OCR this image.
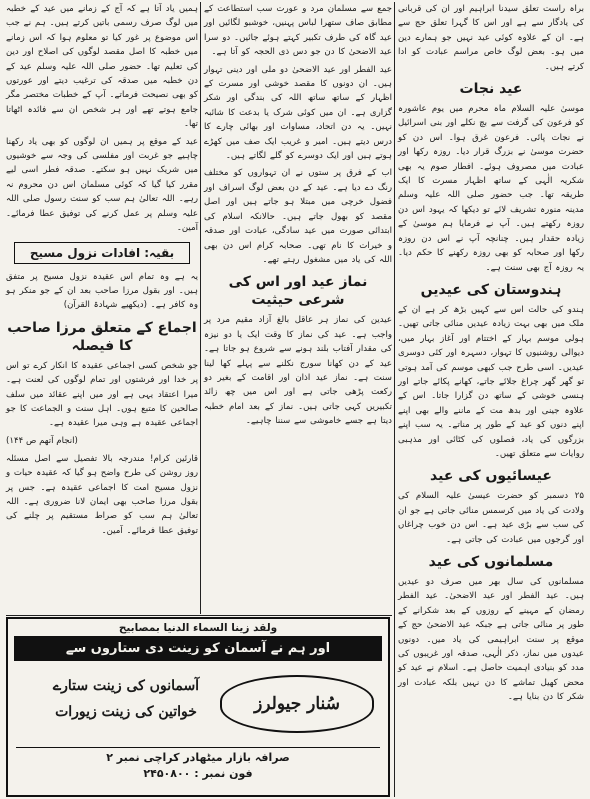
براہ راست تعلق سیدنا ابراہیم اور ان کی قربانی کی یادگار سے ہے اور اس کا گہرا تعلق حج سے ہے۔ ان کے علاوہ کوئی عید نہیں جو ہمارے دین میں ہو۔ بعض لوگ خاص مراسم عبادت کو ادا کرتے ہیں۔

عید نجات

موسیٰ علیہ السلام ماہ محرم میں یوم عاشورہ کو فرعون کی گرفت سے بچ نکلے اور بنی اسرائیل نے نجات پائی۔ فرعون غرق ہوا۔ اس دن کو حضرت موسیٰ نے بزرگ قرار دیا۔ روزہ رکھا اور عبادت میں مصروف ہوئے۔ افطار صوم یہ بھی شکریہ الٰہی کے ساتھ اظہار مسرت کا ایک طریقہ تھا۔ جب حضور صلی اللہ علیہ وسلم مدینہ منورہ تشریف لائے تو دیکھا کہ یہود اس دن روزہ رکھتے ہیں۔ آپ نے فرمایا ہم موسیٰ کے زیادہ حقدار ہیں۔ چنانچہ آپ نے اس دن روزہ رکھا اور صحابہ کو بھی روزہ رکھنے کا حکم دیا۔ یہ روزہ آج بھی سنت ہے۔

ہندوستان کی عیدیں

ہندو کی حالت اس سے کہیں بڑھ کر ہے ان کے ملک میں بھی بہت زیادہ عیدیں منائی جاتی تھیں۔ ہولی موسم بہار کے اختتام اور آغاز بہار میں، دیوالی روشنیوں کا تہوار، دسہرہ اور کئی دوسری عیدیں۔ اسی طرح جب کبھی موسم کی آمد ہوتی تو گھر گھر چراغ جلائے جاتے، کھانے پکائے جاتے اور ہنسی خوشی کے ساتھ دن گزارا جاتا۔ اس کے علاوہ جینی اور بدھ مت کے ماننے والے بھی اپنے اپنے دنوں کو عید کے طور پر مناتے۔ یہ سب اپنے بزرگوں کی یاد، فصلوں کی کٹائی اور مذہبی روایات سے متعلق تھیں۔

عیسائیوں کی عید

۲۵ دسمبر کو حضرت عیسیٰ علیہ السلام کی ولادت کی یاد میں کرسمس منائی جاتی ہے جو ان کی سب سے بڑی عید ہے۔ اس دن خوب چراغاں اور گرجوں میں عبادت کی جاتی ہے۔

مسلمانوں کی عید

مسلمانوں کی سال بھر میں صرف دو عیدیں ہیں۔ عید الفطر اور عید الاضحیٰ۔ عید الفطر رمضان کے مہینے کے روزوں کے بعد شکرانے کے طور پر منائی جاتی ہے جبکہ عید الاضحیٰ حج کے موقع پر سنت ابراہیمی کی یاد میں۔ دونوں عیدوں میں نماز، ذکر الٰہی، صدقہ اور غریبوں کی مدد کو بنیادی اہمیت حاصل ہے۔ اسلام نے عید کو محض کھیل تماشے کا دن نہیں بلکہ عبادت اور شکر کا دن بنایا ہے۔

جمع سے مسلمان مرد و عورت سب استطاعت کے مطابق صاف ستھرا لباس پہنیں، خوشبو لگائیں اور عید گاہ کی طرف تکبیر کہتے ہوئے جائیں۔ دو سرا عید الاضحیٰ کا دن جو دس ذی الحجہ کو آتا ہے۔

عید الفطر اور عید الاضحیٰ دو ملی اور دینی تہوار ہیں۔ ان دونوں کا مقصد خوشی اور مسرت کے اظہار کے ساتھ ساتھ اللہ کی بندگی اور شکر گزاری ہے۔ ان میں کوئی شرک یا بدعت کا شائبہ نہیں۔ یہ دن اتحاد، مساوات اور بھائی چارے کا درس دیتے ہیں۔ امیر و غریب ایک صف میں کھڑے ہوتے ہیں اور ایک دوسرے کو گلے لگاتے ہیں۔

اب کے فرق پر ستوں نے ان تہواروں کو مختلف رنگ دے دیا ہے۔ عید کے دن بعض لوگ اسراف اور فضول خرچی میں مبتلا ہو جاتے ہیں اور اصل مقصد کو بھول جاتے ہیں۔ حالانکہ اسلام کی ابتدائی صورت میں عید سادگی، عبادت اور صدقہ و خیرات کا نام تھی۔ صحابہ کرام اس دن بھی اللہ کی یاد میں مشغول رہتے تھے۔

نماز عید اور اس کی شرعی حیثیت

عیدین کی نماز ہر عاقل بالغ آزاد مقیم مرد پر واجب ہے۔ عید کی نماز کا وقت ایک یا دو نیزہ کی مقدار آفتاب بلند ہونے سے شروع ہو جاتا ہے۔ عید کے دن کھانا سورج نکلنے سے پہلے کھا لینا سنت ہے۔ نماز عید اذان اور اقامت کے بغیر دو رکعت پڑھی جاتی ہے اور اس میں چھ زائد تکبیریں کہی جاتی ہیں۔ نماز کے بعد امام خطبہ دیتا ہے جسے خاموشی سے سننا چاہیے۔

ہمیں یاد آتا ہے کہ آج کے زمانے میں عید کے خطبہ میں لوگ صرف رسمی باتیں کرتے ہیں۔ ہم نے جب اس موضوع پر غور کیا تو معلوم ہوا کہ اس زمانے میں خطبہ کا اصل مقصد لوگوں کی اصلاح اور دین کی تعلیم تھا۔ حضور صلی اللہ علیہ وسلم عید کے دن خطبہ میں صدقہ کی ترغیب دیتے اور عورتوں کو بھی نصیحت فرماتے۔ آپ کے خطبات مختصر مگر جامع ہوتے تھے اور ہر شخص ان سے فائدہ اٹھاتا تھا۔

عید کے موقع پر ہمیں ان لوگوں کو بھی یاد رکھنا چاہیے جو غربت اور مفلسی کی وجہ سے خوشیوں میں شریک نہیں ہو سکتے۔ صدقہ فطر اسی لیے مقرر کیا گیا کہ کوئی مسلمان اس دن محروم نہ رہے۔ اللہ تعالیٰ ہم سب کو سنت رسول صلی اللہ علیہ وسلم پر عمل کرنے کی توفیق عطا فرمائے۔ آمین۔

بقیہ: افادات نزول مسیح

یہ ہے وہ تمام اس عقیدہ نزول مسیح پر متفق ہیں۔ اور بقول مرزا صاحب بعد ان کے جو منکر ہو وہ کافر ہے۔ (دیکھیے شہادۃ القرآن)

اجماع کے متعلق مرزا صاحب کا فیصلہ

جو شخص کسی اجماعی عقیدہ کا انکار کرے تو اس پر خدا اور فرشتوں اور تمام لوگوں کی لعنت ہے۔ میرا اعتقاد یہی ہے اور میں اپنے عقائد میں سلف صالحین کا متبع ہوں۔ اہل سنت و الجماعت کا جو اجماعی عقیدہ ہے وہی میرا عقیدہ ہے۔

(انجام آتھم ص ۱۴۴)

قارئین کرام! مندرجہ بالا تفصیل سے اصل مسئلہ روز روشن کی طرح واضح ہو گیا کہ عقیدہ حیات و نزول مسیح امت کا اجماعی عقیدہ ہے۔ جس پر بقول مرزا صاحب بھی ایمان لانا ضروری ہے۔ اللہ تعالیٰ ہم سب کو صراط مستقیم پر چلنے کی توفیق عطا فرمائے۔ آمین۔

ولقد زینا السماء الدنیا بمصابیح
اور ہم نے آسمان کو زینت دی ستاروں سے
سُنار جیولرز
آسمانوں کی زینت ستارے
خواتین کی زینت زیورات
صرافہ بازار میٹھادر کراچی نمبر ۲
فون نمبر : ۲۴۵۰۸۰۰
